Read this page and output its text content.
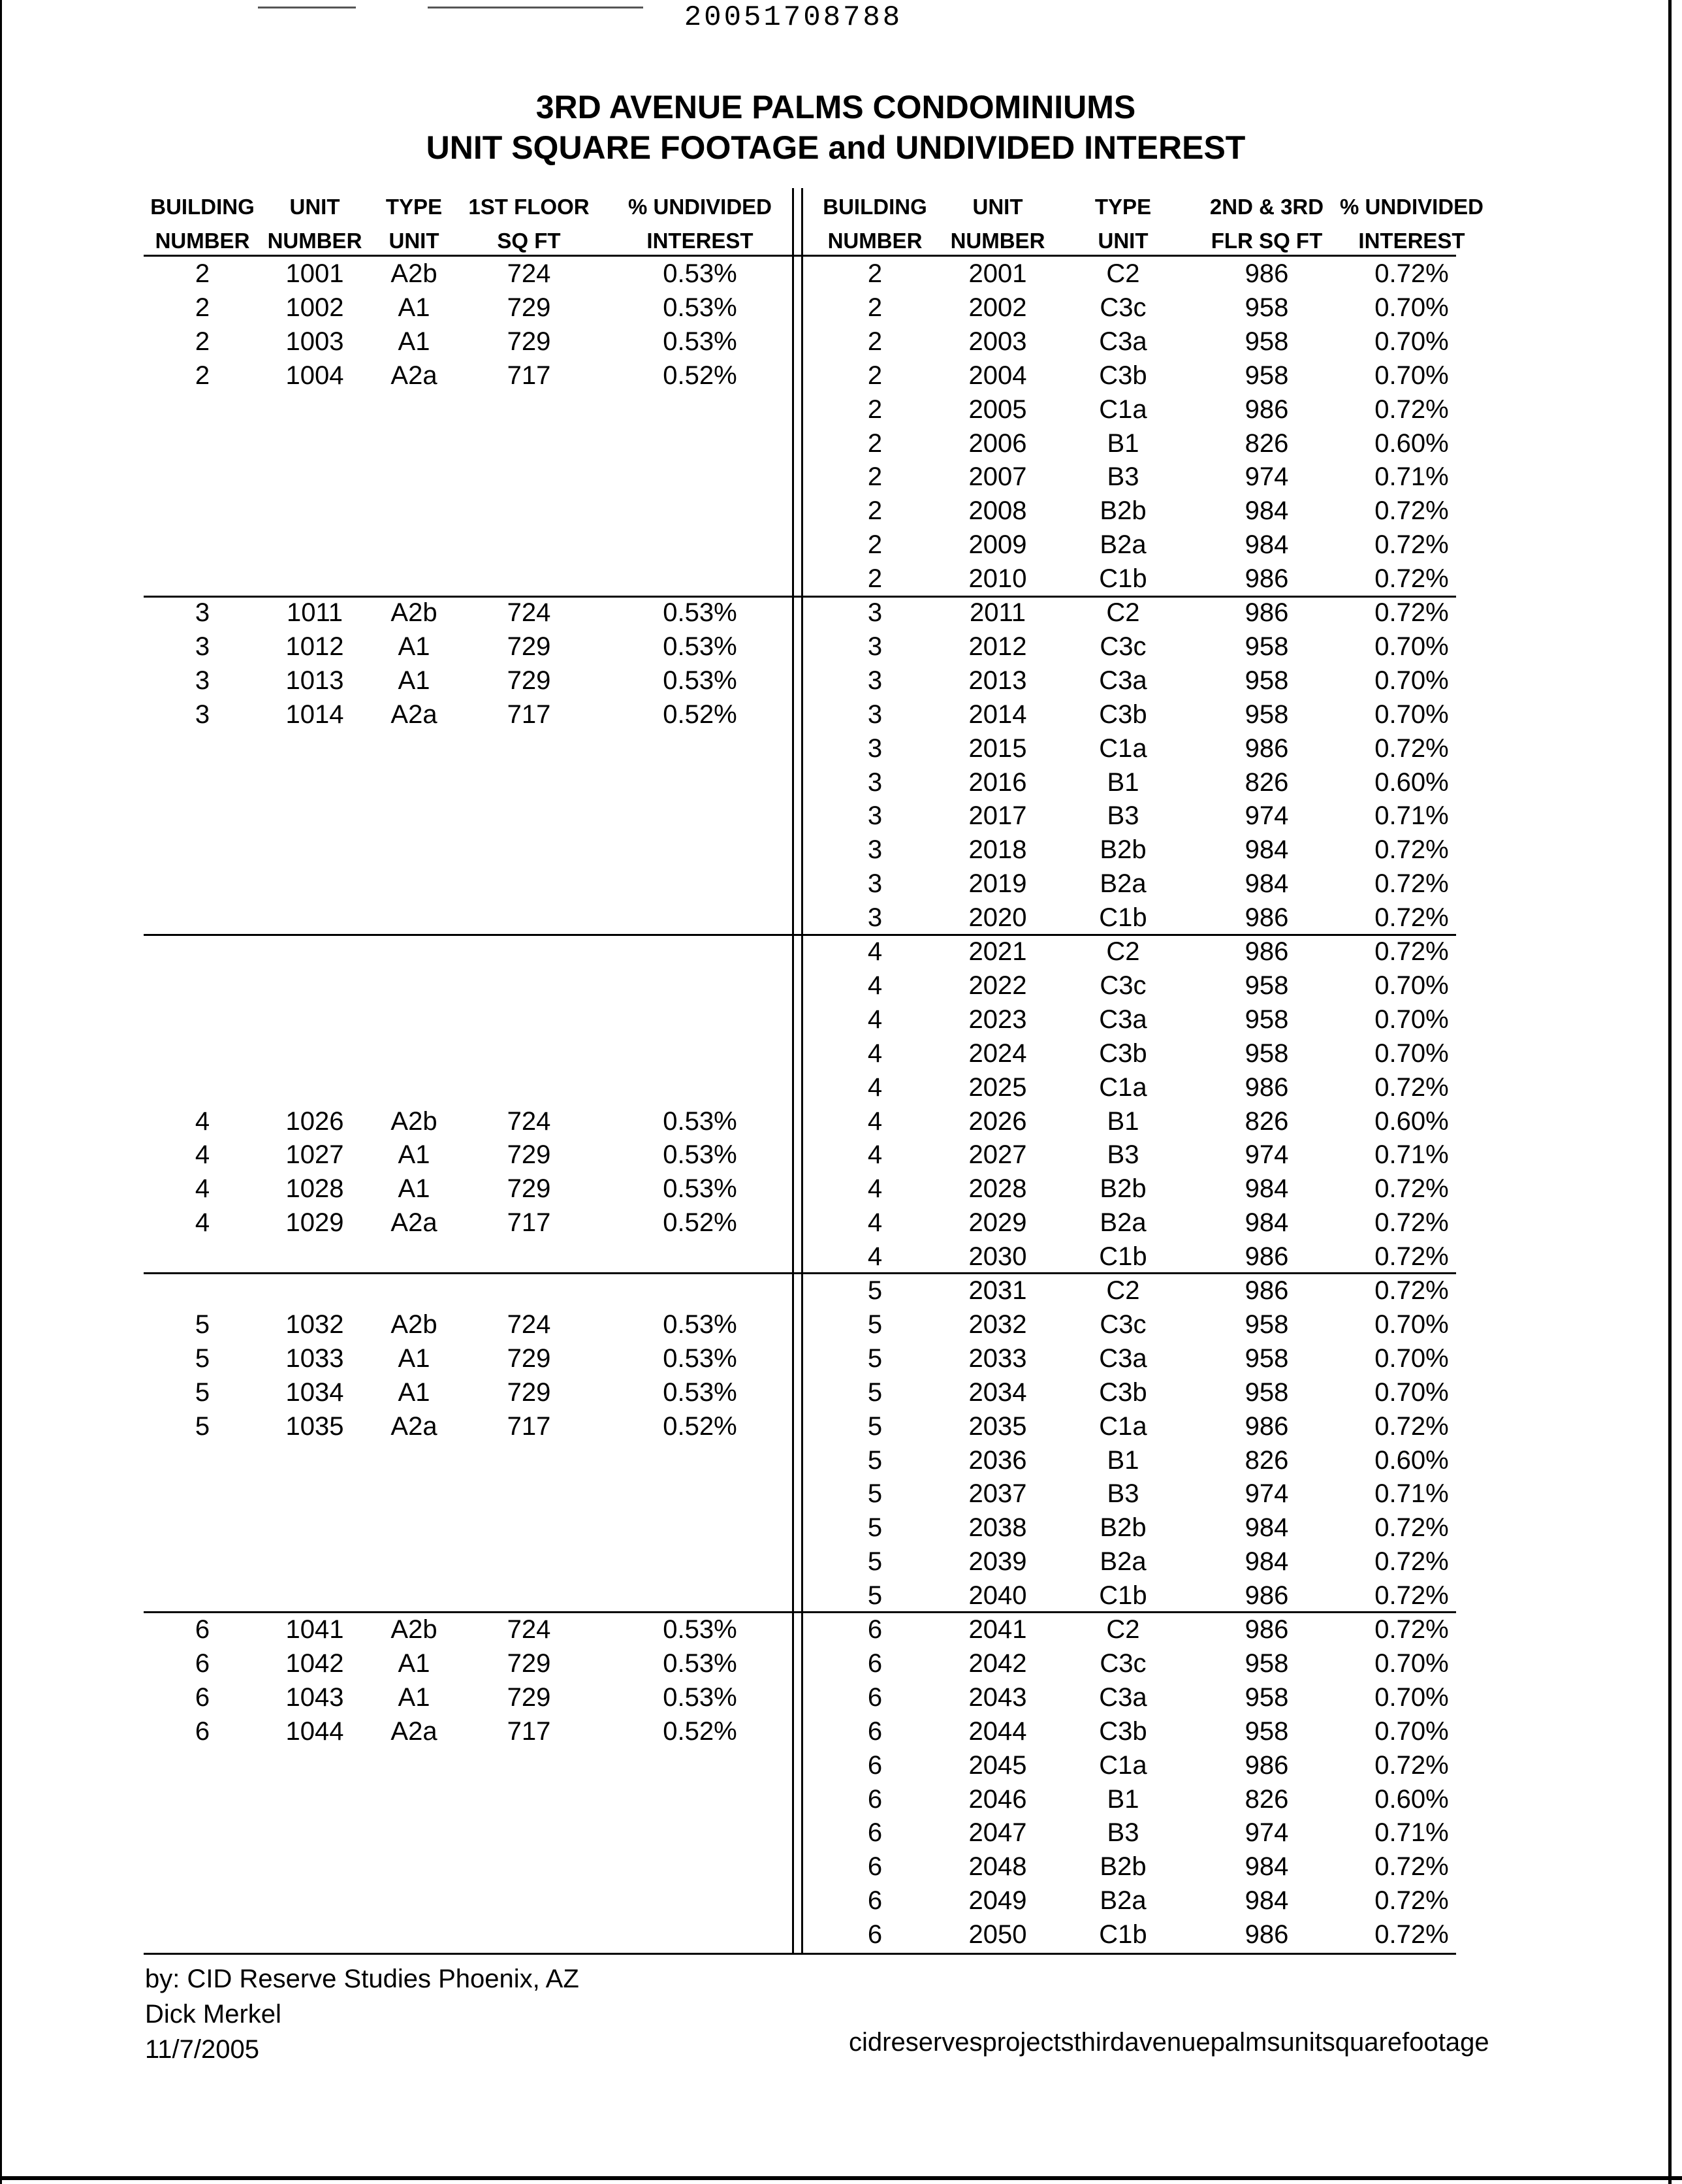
20051708788
3RD AVENUE PALMS CONDOMINIUMS
UNIT SQUARE FOOTAGE and UNDIVIDED INTEREST
BUILDING
NUMBER
UNIT
NUMBER
TYPE
UNIT
1ST FLOOR
SQ FT
% UNDIVIDED
INTEREST
BUILDING
NUMBER
UNIT
NUMBER
TYPE
UNIT
2ND & 3RD
FLR SQ FT
% UNDIVIDED
INTEREST
2	1001	A2b	724	0.53%
2	1002	A1	729	0.53%
2	1003	A1	729	0.53%
2	1004	A2a	717	0.52%
3	1011	A2b	724	0.53%
3	1012	A1	729	0.53%
3	1013	A1	729	0.53%
3	1014	A2a	717	0.52%
4	1026	A2b	724	0.53%
4	1027	A1	729	0.53%
4	1028	A1	729	0.53%
4	1029	A2a	717	0.52%
5	1032	A2b	724	0.53%
5	1033	A1	729	0.53%
5	1034	A1	729	0.53%
5	1035	A2a	717	0.52%
6	1041	A2b	724	0.53%
6	1042	A1	729	0.53%
6	1043	A1	729	0.53%
6	1044	A2a	717	0.52%
2	2001	C2	986	0.72%
2	2002	C3c	958	0.70%
2	2003	C3a	958	0.70%
2	2004	C3b	958	0.70%
2	2005	C1a	986	0.72%
2	2006	B1	826	0.60%
2	2007	B3	974	0.71%
2	2008	B2b	984	0.72%
2	2009	B2a	984	0.72%
2	2010	C1b	986	0.72%
3	2011	C2	986	0.72%
3	2012	C3c	958	0.70%
3	2013	C3a	958	0.70%
3	2014	C3b	958	0.70%
3	2015	C1a	986	0.72%
3	2016	B1	826	0.60%
3	2017	B3	974	0.71%
3	2018	B2b	984	0.72%
3	2019	B2a	984	0.72%
3	2020	C1b	986	0.72%
4	2021	C2	986	0.72%
4	2022	C3c	958	0.70%
4	2023	C3a	958	0.70%
4	2024	C3b	958	0.70%
4	2025	C1a	986	0.72%
4	2026	B1	826	0.60%
4	2027	B3	974	0.71%
4	2028	B2b	984	0.72%
4	2029	B2a	984	0.72%
4	2030	C1b	986	0.72%
5	2031	C2	986	0.72%
5	2032	C3c	958	0.70%
5	2033	C3a	958	0.70%
5	2034	C3b	958	0.70%
5	2035	C1a	986	0.72%
5	2036	B1	826	0.60%
5	2037	B3	974	0.71%
5	2038	B2b	984	0.72%
5	2039	B2a	984	0.72%
5	2040	C1b	986	0.72%
6	2041	C2	986	0.72%
6	2042	C3c	958	0.70%
6	2043	C3a	958	0.70%
6	2044	C3b	958	0.70%
6	2045	C1a	986	0.72%
6	2046	B1	826	0.60%
6	2047	B3	974	0.71%
6	2048	B2b	984	0.72%
6	2049	B2a	984	0.72%
6	2050	C1b	986	0.72%
by: CID Reserve Studies Phoenix, AZ
Dick Merkel
11/7/2005	cidreservesprojectsthirdavenuepalmsunitsquarefootage
